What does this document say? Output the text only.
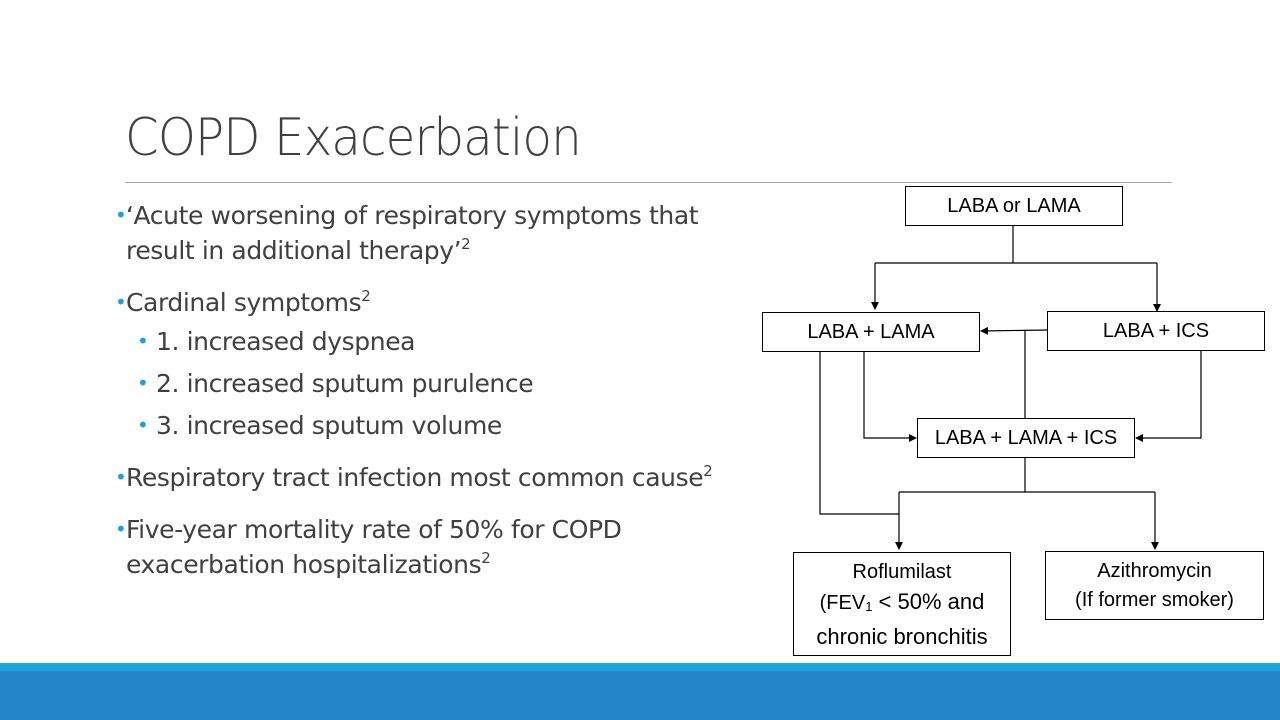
COPD Exacerbation
• ‘Acute worsening of respiratory symptoms that
result in additional therapy’$^2$
• Cardinal symptoms$^2$
• 1. increased dyspnea
• 2. increased sputum purulence
• 3. increased sputum volume
• Respiratory tract infection most common cause$^2$
• Five-year mortality rate of 50% for COPD
exacerbation hospitalizations$^2$
LABA or LAMA
LABA + LAMA	LABA + ICS
LABA + LAMA + ICS
Roflumilast
(FEV1 < 50% and
chronic bronchitis
Azithromycin
(If former smoker)
